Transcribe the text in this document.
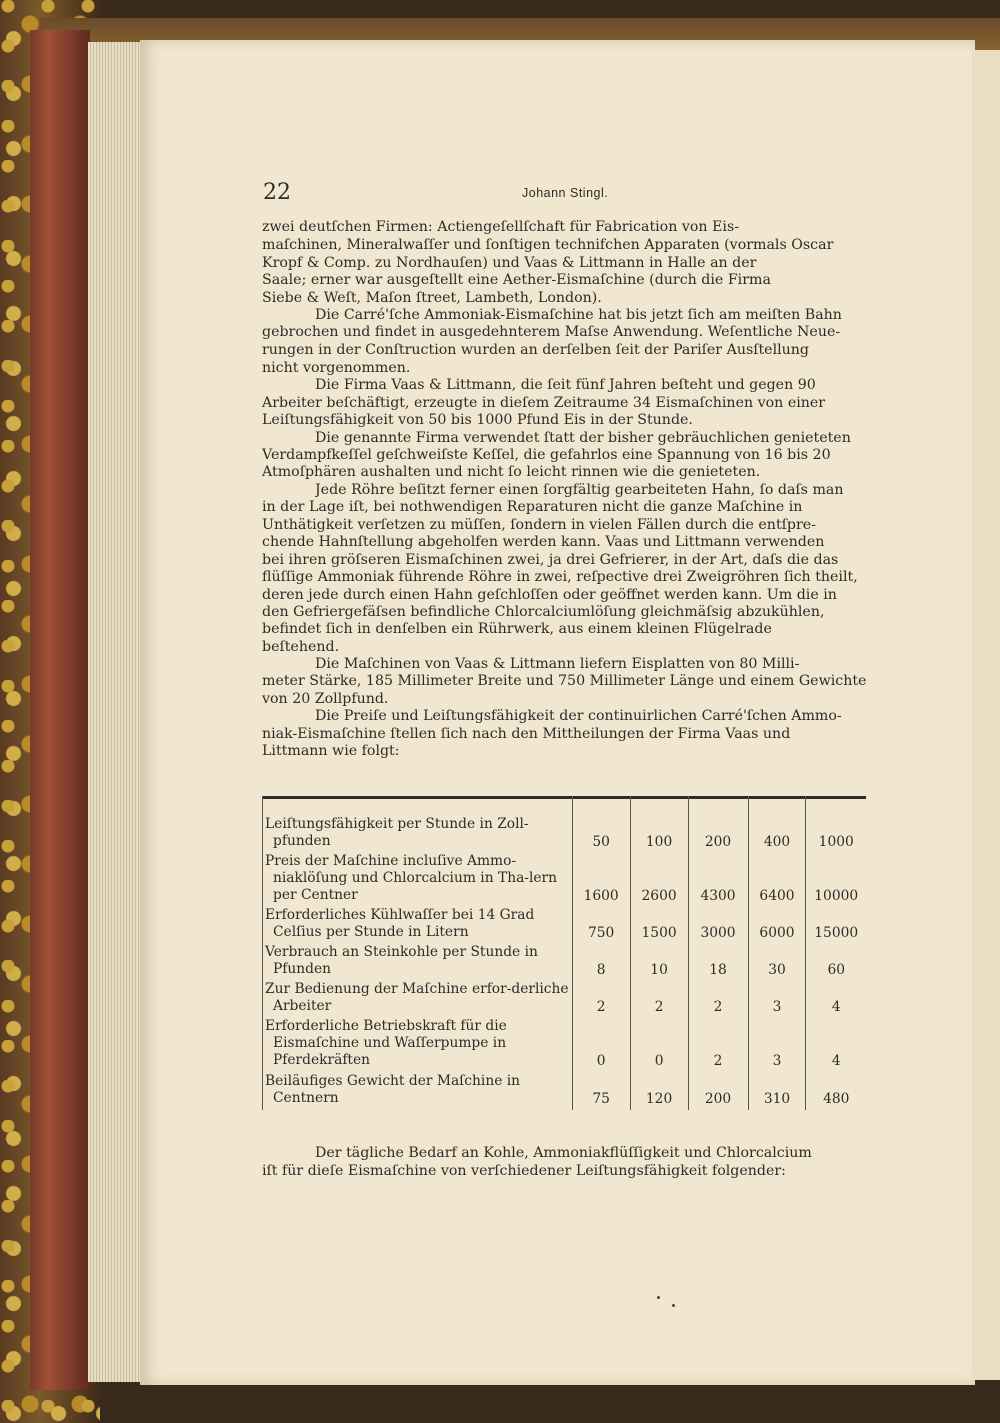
22	Johann Stingl.
zwei deutſchen Firmen: Actiengeſellſchaft für Fabrication von Eis-
maſchinen, Mineralwaſſer und ſonſtigen technifchen Apparaten (vormals Oscar
Kropf & Comp. zu Nordhauſen) und Vaas & Littmann in Halle an der
Saale; erner war ausgeſtellt eine Aether-Eismaſchine (durch die Firma
Siebe & Weſt, Maſon ſtreet, Lambeth, London).
Die Carré'ſche Ammoniak-Eismaſchine hat bis jetzt ſich am meiſten Bahn
gebrochen und findet in ausgedehnterem Maſse Anwendung. Weſentliche Neue-
rungen in der Conſtruction wurden an derſelben ſeit der Pariſer Ausſtellung
nicht vorgenommen.
Die Firma Vaas & Littmann, die ſeit fünf Jahren beſteht und gegen 90
Arbeiter beſchäftigt, erzeugte in dieſem Zeitraume 34 Eismaſchinen von einer
Leiſtungsfähigkeit von 50 bis 1000 Pfund Eis in der Stunde.
Die genannte Firma verwendet ſtatt der bisher gebräuchlichen genieteten
Verdampfkeſſel geſchweiſste Keſſel, die gefahrlos eine Spannung von 16 bis 20
Atmoſphären aushalten und nicht ſo leicht rinnen wie die genieteten.
Jede Röhre beſitzt ferner einen ſorgfältig gearbeiteten Hahn, ſo daſs man
in der Lage iſt, bei nothwendigen Reparaturen nicht die ganze Maſchine in
Unthätigkeit verſetzen zu müſſen, ſondern in vielen Fällen durch die entſpre-
chende Hahnſtellung abgeholfen werden kann. Vaas und Littmann verwenden
bei ihren gröſseren Eismaſchinen zwei, ja drei Gefrierer, in der Art, daſs die das
flüſſige Ammoniak führende Röhre in zwei, reſpective drei Zweigröhren ſich theilt,
deren jede durch einen Hahn geſchloſſen oder geöffnet werden kann. Um die in
den Gefriergefäſsen befindliche Chlorcalciumlöſung gleichmäſsig abzukühlen,
befindet ſich in denſelben ein Rührwerk, aus einem kleinen Flügelrade
beſtehend.
Die Maſchinen von Vaas & Littmann liefern Eisplatten von 80 Milli-
meter Stärke, 185 Millimeter Breite und 750 Millimeter Länge und einem Gewichte
von 20 Zollpfund.
Die Preiſe und Leiſtungsfähigkeit der continuirlichen Carré'ſchen Ammo-
niak-Eismaſchine ſtellen ſich nach den Mittheilungen der Firma Vaas und
Littmann wie folgt:
Leiſtungsfähigkeit per Stunde in Zoll-pfunden	50	100	200	400	1000
Preis der Maſchine incluſive Ammo-niaklöſung und Chlorcalcium in Tha-lern per Centner	1600	2600	4300	6400	10000
Erforderliches Kühlwaſſer bei 14 Grad Celſius per Stunde in Litern	750	1500	3000	6000	15000
Verbrauch an Steinkohle per Stunde in Pfunden	8	10	18	30	60
Zur Bedienung der Maſchine erfor-derliche Arbeiter	2	2	2	3	4
Erforderliche Betriebskraft für die Eismaſchine und Waſſerpumpe in Pferdekräften	0	0	2	3	4
Beiläufiges Gewicht der Maſchine in Centnern	75	120	200	310	480
Der tägliche Bedarf an Kohle, Ammoniakflüſſigkeit und Chlorcalcium
iſt für dieſe Eismaſchine von verſchiedener Leiſtungsfähigkeit folgender:
